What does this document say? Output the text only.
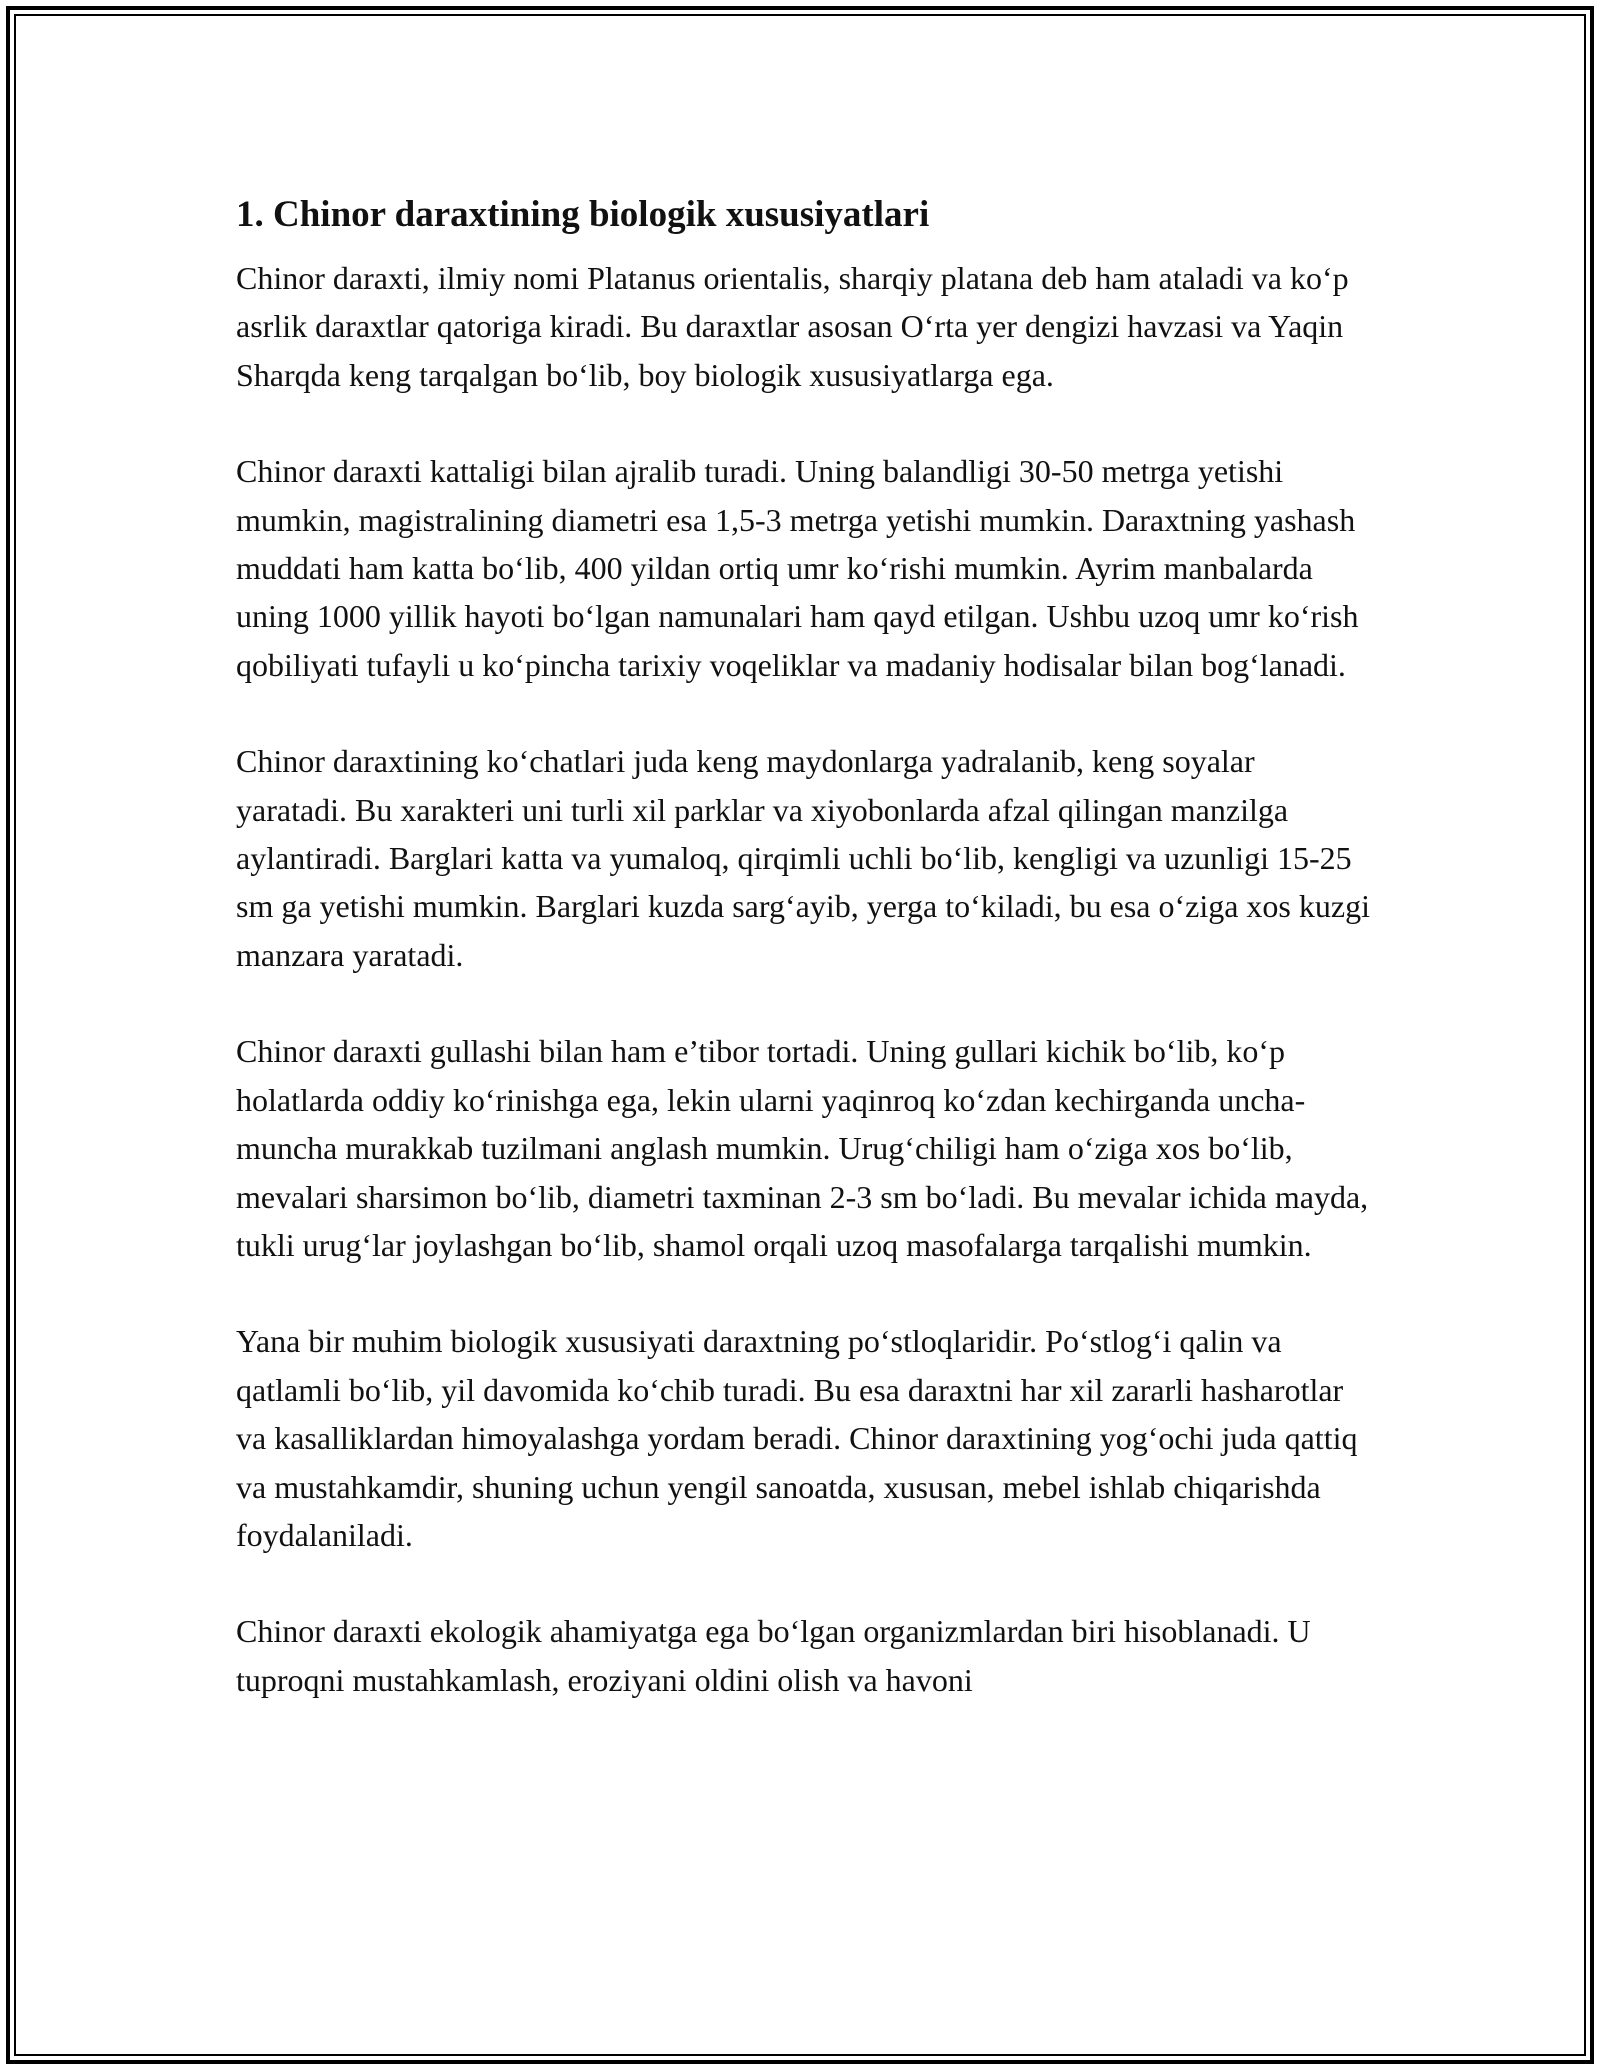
1. Chinor daraxtining biologik xususiyatlari

Chinor daraxti, ilmiy nomi Platanus orientalis, sharqiy platana deb ham ataladi va ko‘p asrlik daraxtlar qatoriga kiradi. Bu daraxtlar asosan O‘rta yer dengizi havzasi va Yaqin Sharqda keng tarqalgan bo‘lib, boy biologik xususiyatlarga ega.

Chinor daraxti kattaligi bilan ajralib turadi. Uning balandligi 30-50 metrga yetishi mumkin, magistralining diametri esa 1,5-3 metrga yetishi mumkin. Daraxtning yashash muddati ham katta bo‘lib, 400 yildan ortiq umr ko‘rishi mumkin. Ayrim manbalarda uning 1000 yillik hayoti bo‘lgan namunalari ham qayd etilgan. Ushbu uzoq umr ko‘rish qobiliyati tufayli u ko‘pincha tarixiy voqeliklar va madaniy hodisalar bilan bog‘lanadi.

Chinor daraxtining ko‘chatlari juda keng maydonlarga yadralanib, keng soyalar yaratadi. Bu xarakteri uni turli xil parklar va xiyobonlarda afzal qilingan manzilga aylantiradi. Barglari katta va yumaloq, qirqimli uchli bo‘lib, kengligi va uzunligi 15-25 sm ga yetishi mumkin. Barglari kuzda sarg‘ayib, yerga to‘kiladi, bu esa o‘ziga xos kuzgi manzara yaratadi.

Chinor daraxti gullashi bilan ham e’tibor tortadi. Uning gullari kichik bo‘lib, ko‘p holatlarda oddiy ko‘rinishga ega, lekin ularni yaqinroq ko‘zdan kechirganda uncha-muncha murakkab tuzilmani anglash mumkin. Urug‘chiligi ham o‘ziga xos bo‘lib, mevalari sharsimon bo‘lib, diametri taxminan 2-3 sm bo‘ladi. Bu mevalar ichida mayda, tukli urug‘lar joylashgan bo‘lib, shamol orqali uzoq masofalarga tarqalishi mumkin.

Yana bir muhim biologik xususiyati daraxtning po‘stloqlaridir. Po‘stlog‘i qalin va qatlamli bo‘lib, yil davomida ko‘chib turadi. Bu esa daraxtni har xil zararli hasharotlar va kasalliklardan himoyalashga yordam beradi. Chinor daraxtining yog‘ochi juda qattiq va mustahkamdir, shuning uchun yengil sanoatda, xususan, mebel ishlab chiqarishda foydalaniladi.

Chinor daraxti ekologik ahamiyatga ega bo‘lgan organizmlardan biri hisoblanadi. U tuproqni mustahkamlash, eroziyani oldini olish va havoni
